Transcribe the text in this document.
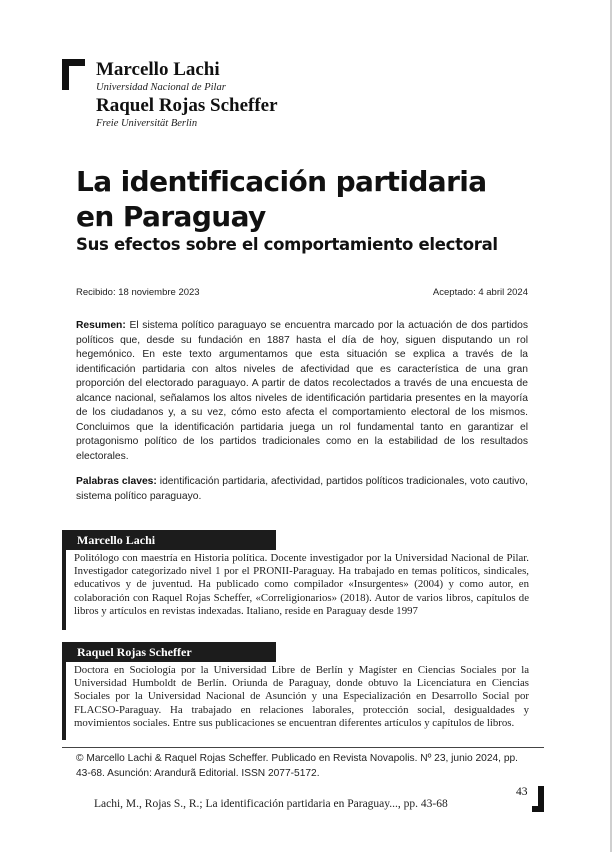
Marcello Lachi
Universidad Nacional de Pilar
Raquel Rojas Scheffer
Freie Universität Berlin
La identificación partidaria
en Paraguay
Sus efectos sobre el comportamiento electoral
Recibido: 18 noviembre 2023	Aceptado: 4 abril 2024
Resumen: El sistema político paraguayo se encuentra marcado por la actuación de dos partidos políticos que, desde su fundación en 1887 hasta el día de hoy, siguen disputando un rol hegemónico. En este texto argumentamos que esta situación se explica a través de la identificación partidaria con altos niveles de afectividad que es característica de una gran proporción del electorado paraguayo. A partir de datos recolectados a través de una encuesta de alcance nacional, señalamos los altos niveles de identificación partidaria presentes en la mayoría de los ciudadanos y, a su vez, cómo esto afecta el comportamiento electoral de los mismos. Concluimos que la identificación partidaria juega un rol fundamental tanto en garantizar el protagonismo político de los partidos tradicionales como en la estabilidad de los resultados electorales.
Palabras claves: identificación partidaria, afectividad, partidos políticos tradicionales, voto cautivo, sistema político paraguayo.
Marcello Lachi
Politólogo con maestría en Historia política. Docente investigador por la Universidad Nacional de Pilar. Investigador categorizado nivel 1 por el PRONII-Paraguay. Ha trabajado en temas políticos, sindicales, educativos y de juventud. Ha publicado como compilador «Insurgentes» (2004) y como autor, en colaboración con Raquel Rojas Scheffer, «Correligionarios» (2018). Autor de varios libros, capítulos de libros y artículos en revistas indexadas. Italiano, reside en Paraguay desde 1997
Raquel Rojas Scheffer
Doctora en Sociología por la Universidad Libre de Berlín y Magíster en Ciencias Sociales por la Universidad Humboldt de Berlín. Oriunda de Paraguay, donde obtuvo la Licenciatura en Ciencias Sociales por la Universidad Nacional de Asunción y una Especialización en Desarrollo Social por FLACSO-Paraguay. Ha trabajado en relaciones laborales, protección social, desigualdades y movimientos sociales. Entre sus publicaciones se encuentran diferentes artículos y capítulos de libros.
© Marcello Lachi & Raquel Rojas Scheffer. Publicado en Revista Novapolis. Nº 23, junio 2024, pp. 43-68. Asunción: Arandurã Editorial. ISSN 2077-5172.
43
Lachi, M., Rojas S., R.; La identificación partidaria en Paraguay..., pp. 43-68
